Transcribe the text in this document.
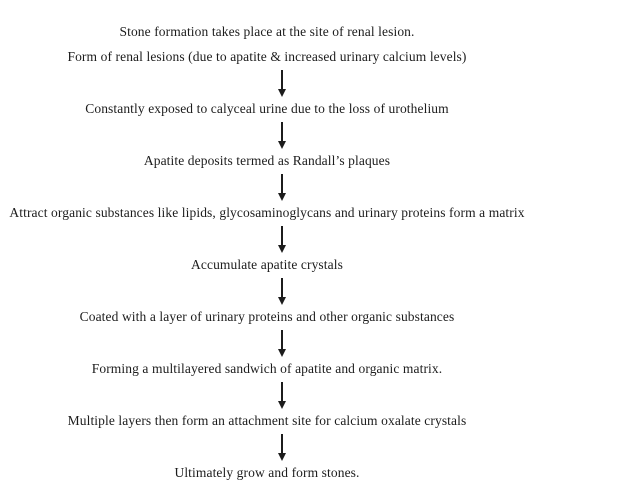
Stone formation takes place at the site of renal lesion.
Form of renal lesions (due to apatite & increased urinary calcium levels)
Constantly exposed to calyceal urine due to the loss of urothelium
Apatite deposits termed as Randall’s plaques
Attract organic substances like lipids, glycosaminoglycans and urinary proteins form a matrix
Accumulate apatite crystals
Coated with a layer of urinary proteins and other organic substances
Forming a multilayered sandwich of apatite and organic matrix.
Multiple layers then form an attachment site for calcium oxalate crystals
Ultimately grow and form stones.
